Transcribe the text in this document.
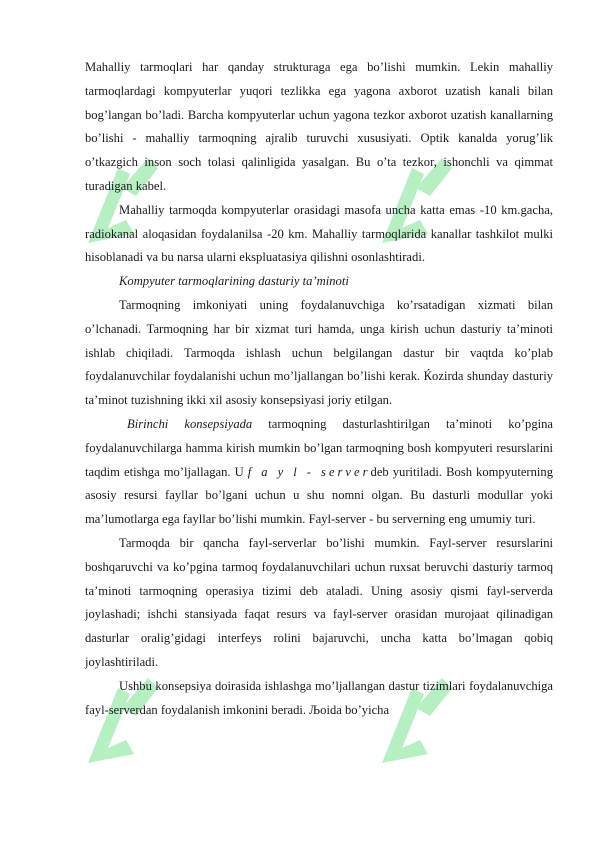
Mahalliy tarmoqlari har qanday strukturaga ega bo’lishi mumkin. Lekin mahalliy tarmoqlardagi kompyuterlar yuqori tezlikka ega yagona axborot uzatish kanali bilan bog’langan bo’ladi. Barcha kompyuterlar uchun yagona tezkor axborot uzatish kanallarning bo’lishi - mahalliy tarmoqning ajralib turuvchi xususiyati. Optik kanalda yorug’lik o’tkazgich inson soch tolasi qalinligida yasalgan. Bu o’ta tezkor, ishonchli va qimmat turadigan kabel.

Mahalliy tarmoqda kompyuterlar orasidagi masofa uncha katta emas -10 km.gacha, radiokanal aloqasidan foydalanilsa -20 km. Mahalliy tarmoqlarida kanallar tashkilot mulki hisoblanadi va bu narsa ularni ekspluatasiya qilishni osonlashtiradi.

Kompyuter tarmoqlarining dasturiy ta’minoti

Tarmoqning imkoniyati uning foydalanuvchiga ko’rsatadigan xizmati bilan o’lchanadi. Tarmoqning har bir xizmat turi hamda, unga kirish uchun dasturiy ta’minoti ishlab chiqiladi. Tarmoqda ishlash uchun belgilangan dastur bir vaqtda ko’plab foydalanuvchilar foydalanishi uchun mo’ljallangan bo’lishi kerak. Ќozirda shunday dasturiy ta’minot tuzishning ikki xil asosiy konsepsiyasi joriy etilgan.

Birinchi konsepsiyada tarmoqning dasturlashtirilgan ta’minoti ko’pgina foydalanuvchilarga hamma kirish mumkin bo’lgan tarmoqning bosh kompyuteri resurslarini taqdim etishga mo’ljallagan. U f a y l - serverdeb yuritiladi. Bosh kompyuterning asosiy resursi fayllar bo’lgani uchun u shu nomni olgan. Bu dasturli modullar yoki ma’lumotlarga ega fayllar bo’lishi mumkin. Fayl-server - bu serverning eng umumiy turi.

Tarmoqda bir qancha fayl-serverlar bo’lishi mumkin. Fayl-server resurslarini boshqaruvchi va ko’pgina tarmoq foydalanuvchilari uchun ruxsat beruvchi dasturiy tarmoq ta’minoti tarmoqning operasiya tizimi deb ataladi. Uning asosiy qismi fayl-serverda joylashadi; ishchi stansiyada faqat resurs va fayl-server orasidan murojaat qilinadigan dasturlar oralig’gidagi interfeys rolini bajaruvchi, uncha katta bo’lmagan qobiq joylashtiriladi.

Ushbu konsepsiya doirasida ishlashga mo’ljallangan dastur tizimlari foydalanuvchiga fayl-serverdan foydalanish imkonini beradi. Љoida bo’yicha
